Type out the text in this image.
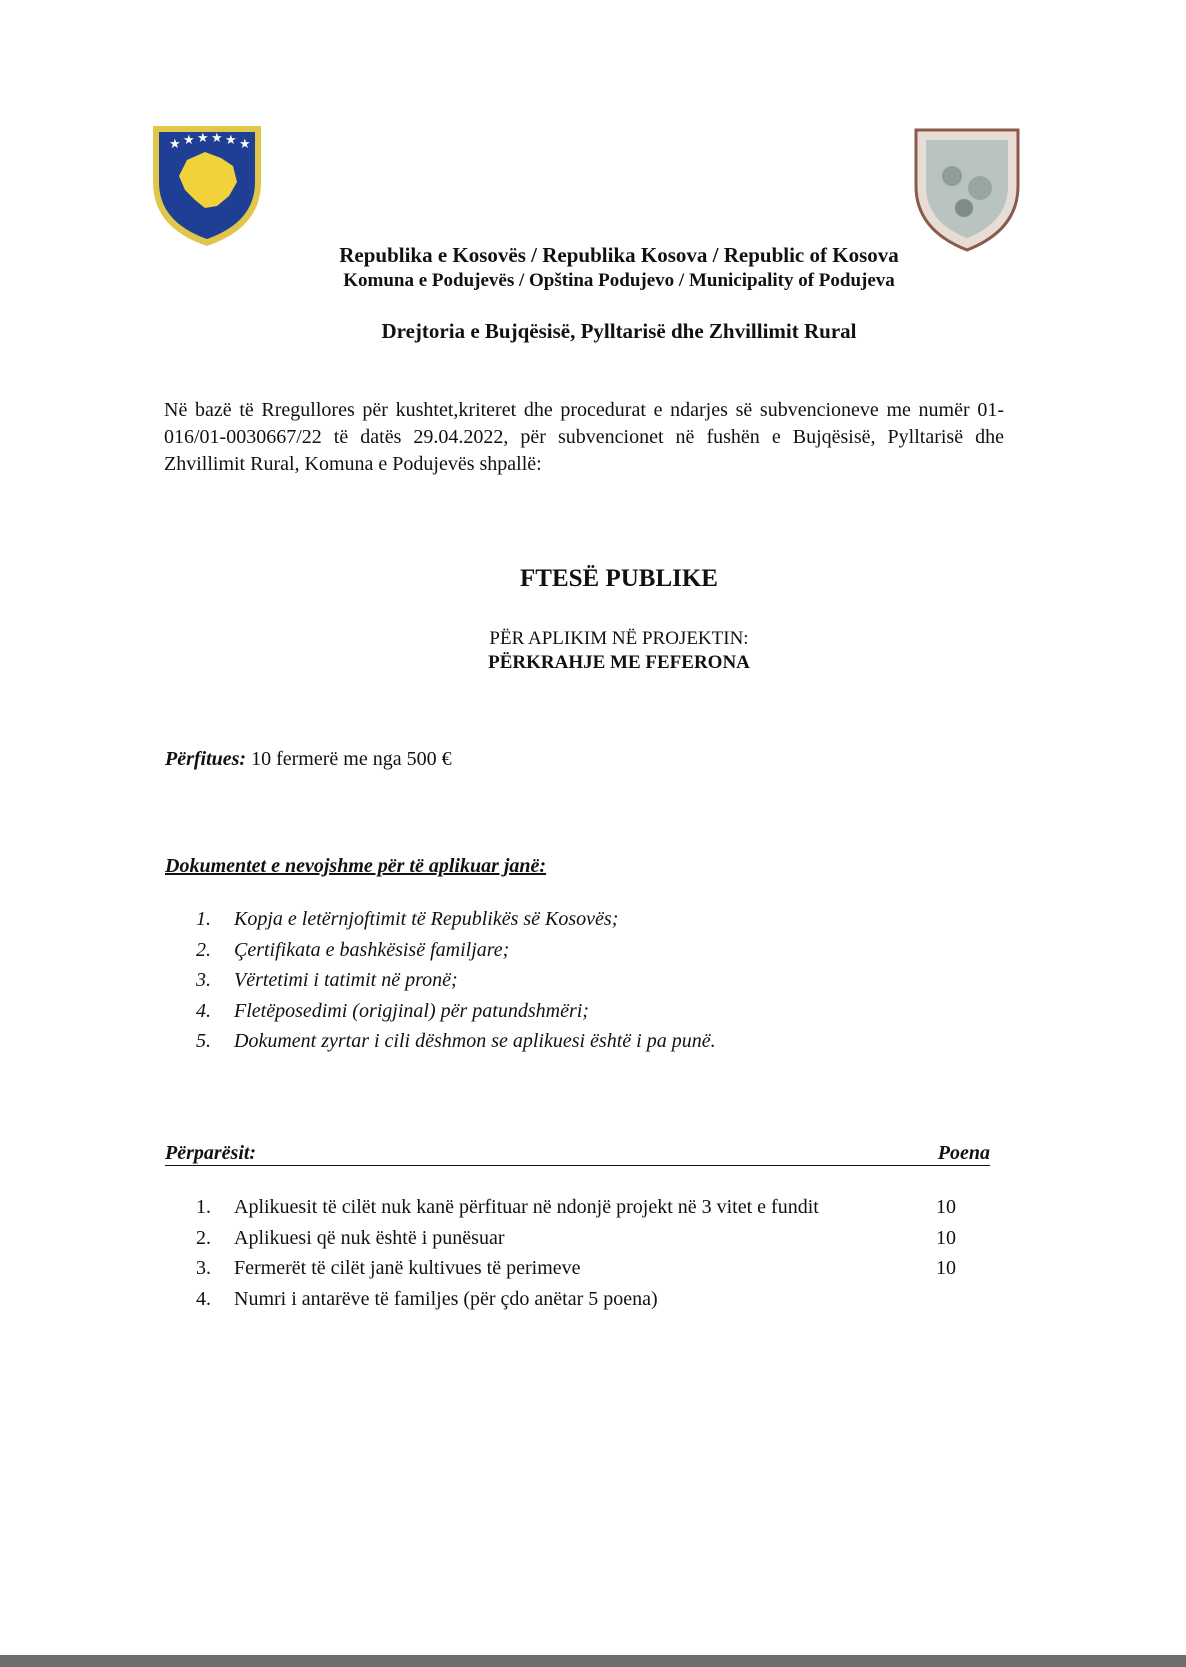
★ ★ ★ ★ ★ ★
Republika e Kosovës / Republika Kosova / Republic of Kosova
Komuna e Podujevës / Opština Podujevo / Municipality of Podujeva
Drejtoria e Bujqësisë, Pylltarisë dhe Zhvillimit Rural
Në bazë të Rregullores për kushtet,kriteret dhe procedurat e ndarjes së subvencioneve me numër 01-016/01-0030667/22 të datës 29.04.2022, për subvencionet në fushën e Bujqësisë, Pylltarisë dhe Zhvillimit Rural, Komuna e Podujevës shpallë:
FTESË PUBLIKE
PËR APLIKIM NË PROJEKTIN:
PËRKRAHJE ME FEFERONA
Përfitues: 10 fermerë me nga 500 €
Dokumentet e nevojshme për të aplikuar janë:
1.	Kopja e letërnjoftimit të Republikës së Kosovës;
2.	Çertifikata e bashkësisë familjare;
3.	Vërtetimi i tatimit në pronë;
4.	Fletëposedimi (origjinal) për patundshmëri;
5.	Dokument zyrtar i cili dëshmon se aplikuesi është i pa punë.
Përparësit:	Poena
1.	Aplikuesit të cilët nuk kanë përfituar në ndonjë projekt në 3 vitet e fundit	10
2.	Aplikuesi që nuk është i punësuar	10
3.	Fermerët të cilët janë kultivues të perimeve	10
4.	Numri i antarëve të familjes (për çdo anëtar 5 poena)
